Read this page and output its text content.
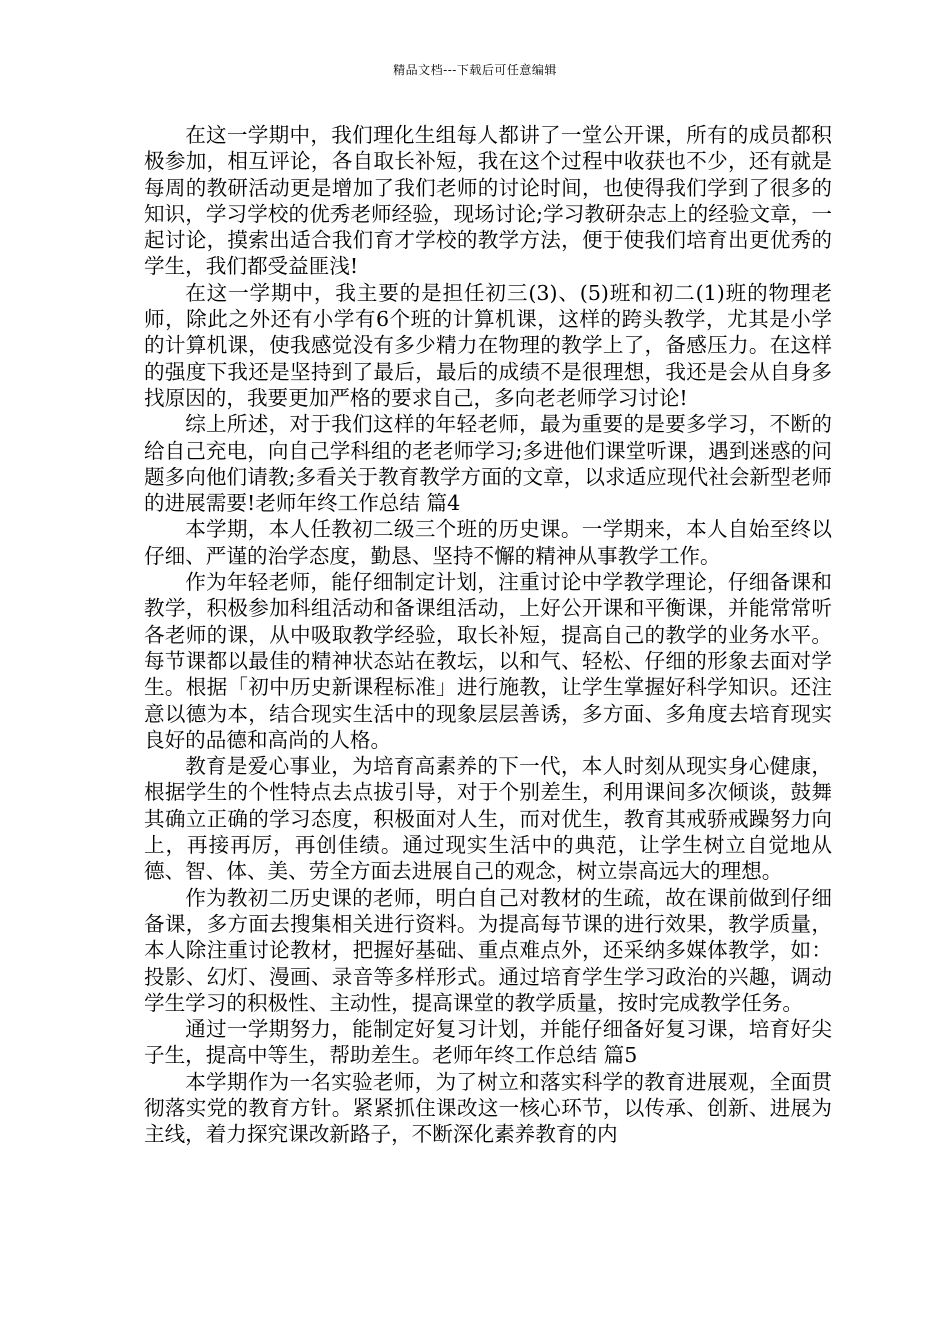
精品文档---下载后可任意编辑

在这一学期中，我们理化生组每人都讲了一堂公开课，所有的成员都积极参加，相互评论，各自取长补短，我在这个过程中收获也不少，还有就是每周的教研活动更是增加了我们老师的讨论时间，也使得我们学到了很多的知识，学习学校的优秀老师经验，现场讨论;学习教研杂志上的经验文章，一起讨论，摸索出适合我们育才学校的教学方法，便于使我们培育出更优秀的学生，我们都受益匪浅!

在这一学期中，我主要的是担任初三(3)、(5)班和初二(1)班的物理老师，除此之外还有小学有6个班的计算机课，这样的跨头教学，尤其是小学的计算机课，使我感觉没有多少精力在物理的教学上了，备感压力。在这样的强度下我还是坚持到了最后，最后的成绩不是很理想，我还是会从自身多找原因的，我要更加严格的要求自己，多向老老师学习讨论!

综上所述，对于我们这样的年轻老师，最为重要的是要多学习，不断的给自己充电，向自己学科组的老老师学习;多进他们课堂听课，遇到迷惑的问题多向他们请教;多看关于教育教学方面的文章，以求适应现代社会新型老师的进展需要!老师年终工作总结 篇4

本学期，本人任教初二级三个班的历史课。一学期来，本人自始至终以仔细、严谨的治学态度，勤恳、坚持不懈的精神从事教学工作。

作为年轻老师，能仔细制定计划，注重讨论中学教学理论，仔细备课和教学，积极参加科组活动和备课组活动，上好公开课和平衡课，并能常常听各老师的课，从中吸取教学经验，取长补短，提高自己的教学的业务水平。每节课都以最佳的精神状态站在教坛，以和气、轻松、仔细的形象去面对学生。根据「初中历史新课程标准」进行施教，让学生掌握好科学知识。还注意以德为本，结合现实生活中的现象层层善诱，多方面、多角度去培育现实良好的品德和高尚的人格。

教育是爱心事业，为培育高素养的下一代，本人时刻从现实身心健康，根据学生的个性特点去点拔引导，对于个别差生，利用课间多次倾谈，鼓舞其确立正确的学习态度，积极面对人生，而对优生，教育其戒骄戒躁努力向上，再接再厉，再创佳绩。通过现实生活中的典范，让学生树立自觉地从德、智、体、美、劳全方面去进展自己的观念，树立崇高远大的理想。

作为教初二历史课的老师，明白自己对教材的生疏，故在课前做到仔细备课，多方面去搜集相关进行资料。为提高每节课的进行效果，教学质量，本人除注重讨论教材，把握好基础、重点难点外，还采纳多媒体教学，如：投影、幻灯、漫画、录音等多样形式。通过培育学生学习政治的兴趣，调动学生学习的积极性、主动性，提高课堂的教学质量，按时完成教学任务。

通过一学期努力，能制定好复习计划，并能仔细备好复习课，培育好尖子生，提高中等生，帮助差生。老师年终工作总结 篇5

本学期作为一名实验老师，为了树立和落实科学的教育进展观，全面贯彻落实党的教育方针。紧紧抓住课改这一核心环节，以传承、创新、进展为主线，着力探究课改新路子，不断深化素养教育的内
